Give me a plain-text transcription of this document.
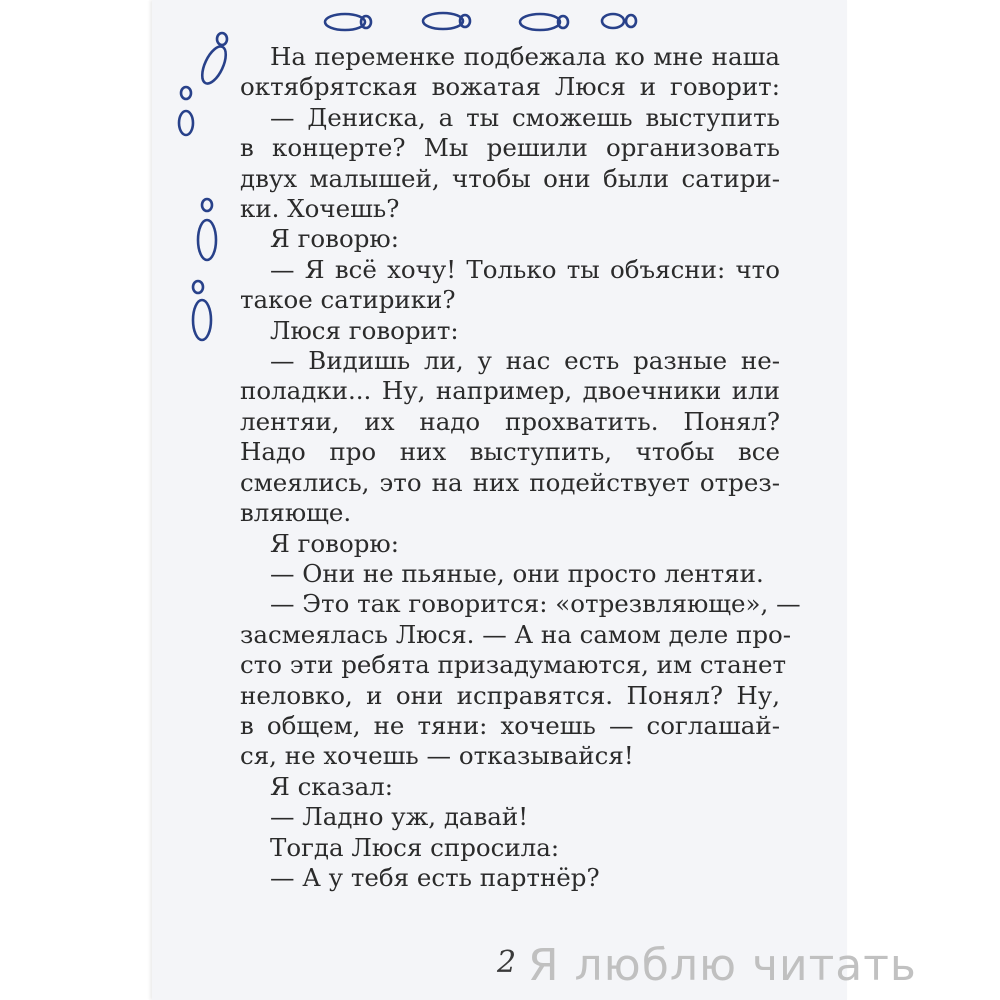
На переменке подбежала ко мне наша
октябрятская вожатая Люся и говорит:
— Дениска, а ты сможешь выступить
в концерте? Мы решили организовать
двух малышей, чтобы они были сатири-
ки. Хочешь?
Я говорю:
— Я всё хочу! Только ты объясни: что
такое сатирики?
Люся говорит:
— Видишь ли, у нас есть разные не-
поладки... Ну, например, двоечники или
лентяи, их надо прохватить. Понял?
Надо про них выступить, чтобы все
смеялись, это на них подействует отрез-
вляюще.
Я говорю:
— Они не пьяные, они просто лентяи.
— Это так говорится: «отрезвляюще», —
засмеялась Люся. — А на самом деле про-
сто эти ребята призадумаются, им станет
неловко, и они исправятся. Понял? Ну,
в общем, не тяни: хочешь — соглашай-
ся, не хочешь — отказывайся!
Я сказал:
— Ладно уж, давай!
Тогда Люся спросила:
— А у тебя есть партнёр?
2 Я люблю читать
